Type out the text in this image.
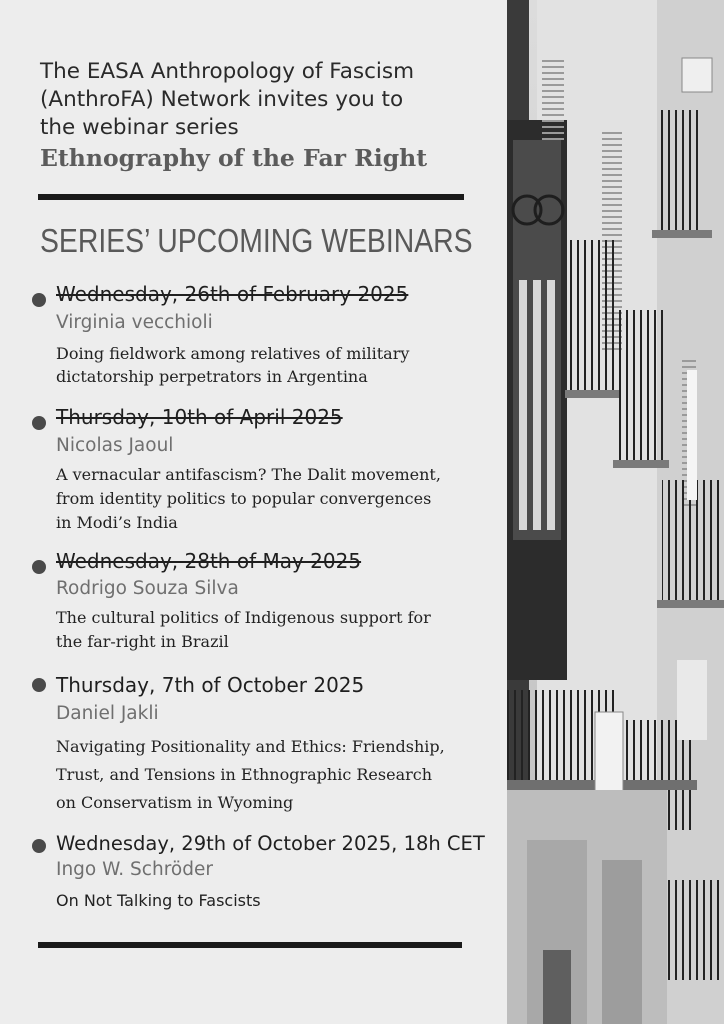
The EASA Anthropology of Fascism
(AnthroFA) Network invites you to
the webinar series
Ethnography of the Far Right
SERIES’ UPCOMING WEBINARS
Wednesday, 26th of February 2025
Virginia vecchioli
Doing fieldwork among relatives of military
dictatorship perpetrators in Argentina
Thursday, 10th of April 2025
Nicolas Jaoul
A vernacular antifascism? The Dalit movement,
from identity politics to popular convergences
in Modi’s India
Wednesday, 28th of May 2025
Rodrigo Souza Silva
The cultural politics of Indigenous support for
the far-right in Brazil
Thursday, 7th of October 2025
Daniel Jakli
Navigating Positionality and Ethics: Friendship,
Trust, and Tensions in Ethnographic Research
on Conservatism in Wyoming
Wednesday, 29th of October 2025, 18h CET
Ingo W. Schröder
On Not Talking to Fascists
